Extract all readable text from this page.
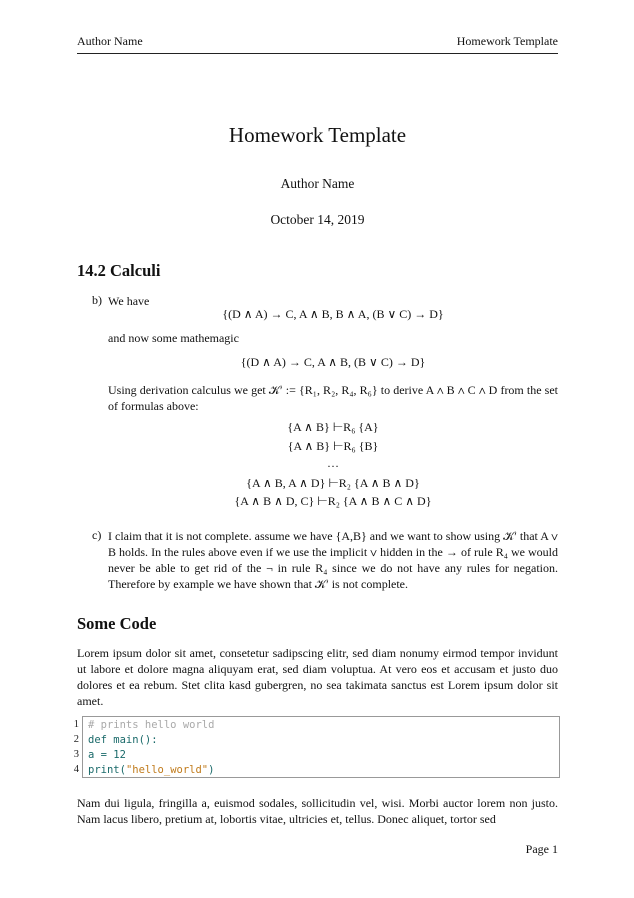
Author Name	Homework Template
Homework Template
Author Name
October 14, 2019
14.2 Calculi
b) We have
{(D ∧ A) → C, A ∧ B, B ∧ A, (B ∨ C) → D}
and now some mathemagic
{(D ∧ A) → C, A ∧ B, (B ∨ C) → D}
Using derivation calculus we get 𝒦′ := {R₁, R₂, R₄, R₆} to derive A ∧ B ∧ C ∧ D from the set of formulas above:
{A ∧ B} ⊢R₆ {A}
{A ∧ B} ⊢R₆ {B}
…
{A ∧ B, A ∧ D} ⊢R₂ {A ∧ B ∧ D}
{A ∧ B ∧ D, C} ⊢R₂ {A ∧ B ∧ C ∧ D}
c) I claim that it is not complete. assume we have {A,B} and we want to show using 𝒦′ that A ∨ B holds. In the rules above even if we use the implicit ∨ hidden in the → of rule R₄ we would never be able to get rid of the ¬ in rule R₄ since we do not have any rules for negation. Therefore by example we have shown that 𝒦′ is not complete.
Some Code
Lorem ipsum dolor sit amet, consetetur sadipscing elitr, sed diam nonumy eirmod tempor invidunt ut labore et dolore magna aliquyam erat, sed diam voluptua. At vero eos et accusam et justo duo dolores et ea rebum. Stet clita kasd gubergren, no sea takimata sanctus est Lorem ipsum dolor sit amet.
1 # prints hello world
2 def main():
3 a = 12
4 print("hello_world")
Nam dui ligula, fringilla a, euismod sodales, sollicitudin vel, wisi. Morbi auctor lorem non justo. Nam lacus libero, pretium at, lobortis vitae, ultricies et, tellus. Donec aliquet, tortor sed
Page 1
